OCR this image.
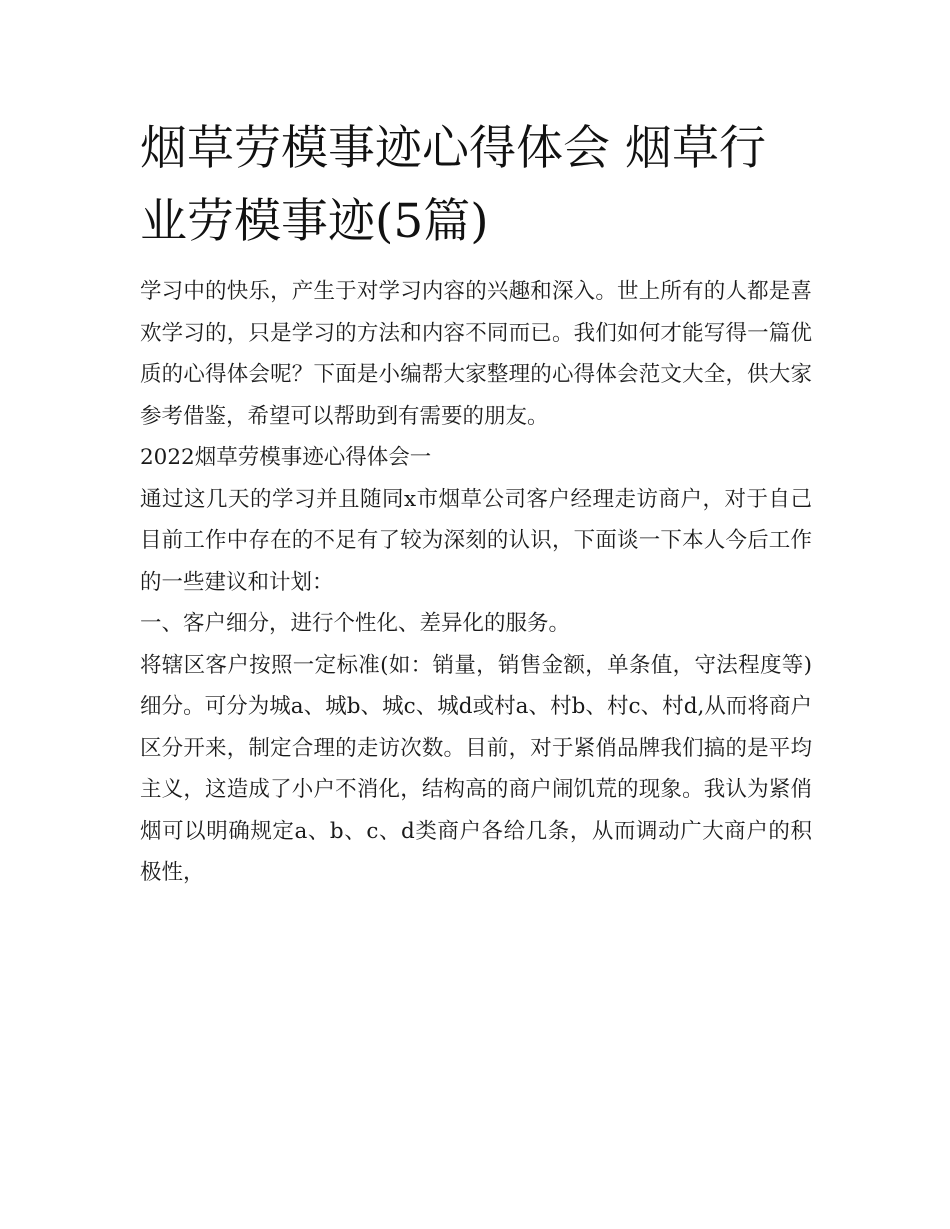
烟草劳模事迹心得体会 烟草行业劳模事迹(5篇)

学习中的快乐，产生于对学习内容的兴趣和深入。世上所有的人都是喜欢学习的，只是学习的方法和内容不同而已。我们如何才能写得一篇优质的心得体会呢？下面是小编帮大家整理的心得体会范文大全，供大家参考借鉴，希望可以帮助到有需要的朋友。

2022烟草劳模事迹心得体会一

通过这几天的学习并且随同x市烟草公司客户经理走访商户，对于自己目前工作中存在的不足有了较为深刻的认识，下面谈一下本人今后工作的一些建议和计划：

一、客户细分，进行个性化、差异化的服务。

将辖区客户按照一定标准(如：销量，销售金额，单条值，守法程度等)细分。可分为城a、城b、城c、城d或村a、村b、村c、村d,从而将商户区分开来，制定合理的走访次数。目前，对于紧俏品牌我们搞的是平均主义，这造成了小户不消化，结构高的商户闹饥荒的现象。我认为紧俏烟可以明确规定a、b、c、d类商户各给几条，从而调动广大商户的积极性，
